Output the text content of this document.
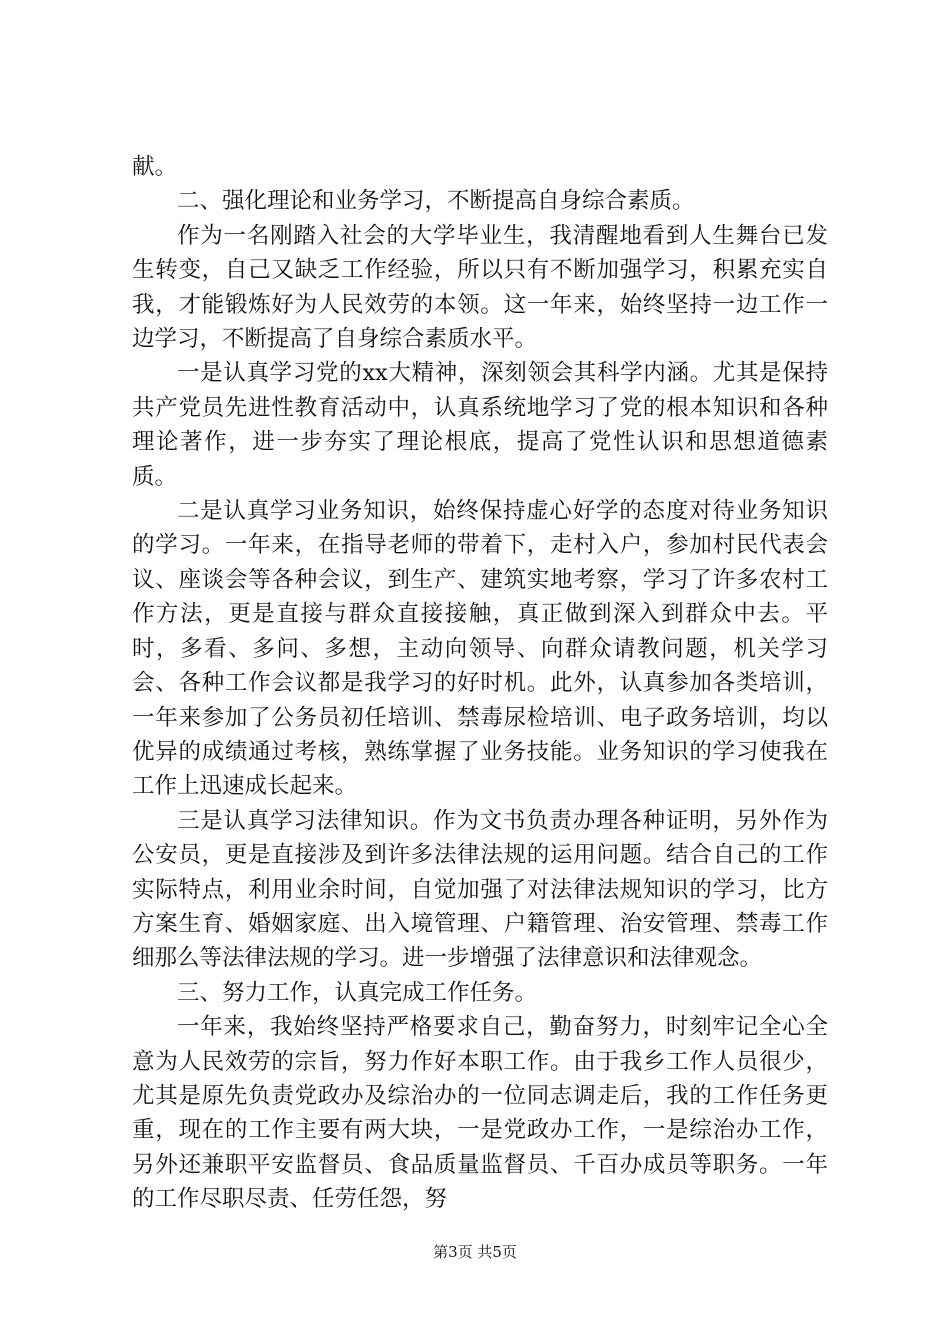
献。

二、强化理论和业务学习，不断提高自身综合素质。

作为一名刚踏入社会的大学毕业生，我清醒地看到人生舞台已发生转变，自己又缺乏工作经验，所以只有不断加强学习，积累充实自我，才能锻炼好为人民效劳的本领。这一年来，始终坚持一边工作一边学习，不断提高了自身综合素质水平。

一是认真学习党的xx大精神，深刻领会其科学内涵。尤其是保持共产党员先进性教育活动中，认真系统地学习了党的根本知识和各种理论著作，进一步夯实了理论根底，提高了党性认识和思想道德素质。

二是认真学习业务知识，始终保持虚心好学的态度对待业务知识的学习。一年来，在指导老师的带着下，走村入户，参加村民代表会议、座谈会等各种会议，到生产、建筑实地考察，学习了许多农村工作方法，更是直接与群众直接接触，真正做到深入到群众中去。平时，多看、多问、多想，主动向领导、向群众请教问题，机关学习会、各种工作会议都是我学习的好时机。此外，认真参加各类培训，一年来参加了公务员初任培训、禁毒尿检培训、电子政务培训，均以优异的成绩通过考核，熟练掌握了业务技能。业务知识的学习使我在工作上迅速成长起来。

三是认真学习法律知识。作为文书负责办理各种证明，另外作为公安员，更是直接涉及到许多法律法规的运用问题。结合自己的工作实际特点，利用业余时间，自觉加强了对法律法规知识的学习，比方方案生育、婚姻家庭、出入境管理、户籍管理、治安管理、禁毒工作细那么等法律法规的学习。进一步增强了法律意识和法律观念。

三、努力工作，认真完成工作任务。

一年来，我始终坚持严格要求自己，勤奋努力，时刻牢记全心全意为人民效劳的宗旨，努力作好本职工作。由于我乡工作人员很少，尤其是原先负责党政办及综治办的一位同志调走后，我的工作任务更重，现在的工作主要有两大块，一是党政办工作，一是综治办工作，另外还兼职平安监督员、食品质量监督员、千百办成员等职务。一年的工作尽职尽责、任劳任怨，努

第3页 共5页
